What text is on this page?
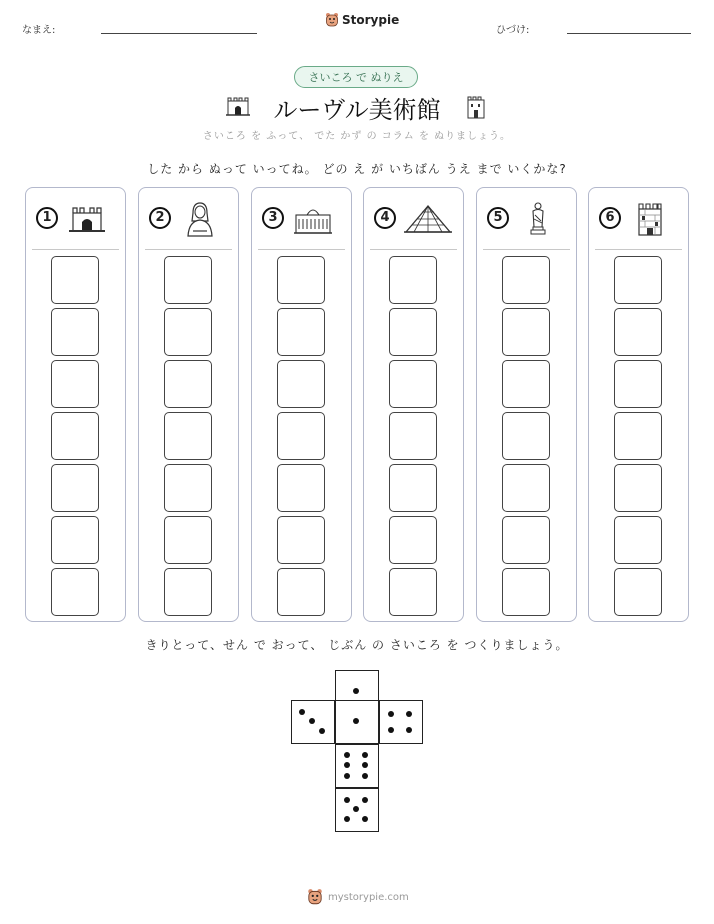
なまえ:
Storypie
ひづけ:
さいころ で ぬりえ
ルーヴル美術館
さいころ を ふって、 でた かず の コラム を ぬりましょう。
した から ぬって いってね。 どの え が いちばん うえ まで いくかな?
1	2	3	4	5	6
きりとって、せん で おって、 じぶん の さいころ を つくりましょう。
mystorypie.com
